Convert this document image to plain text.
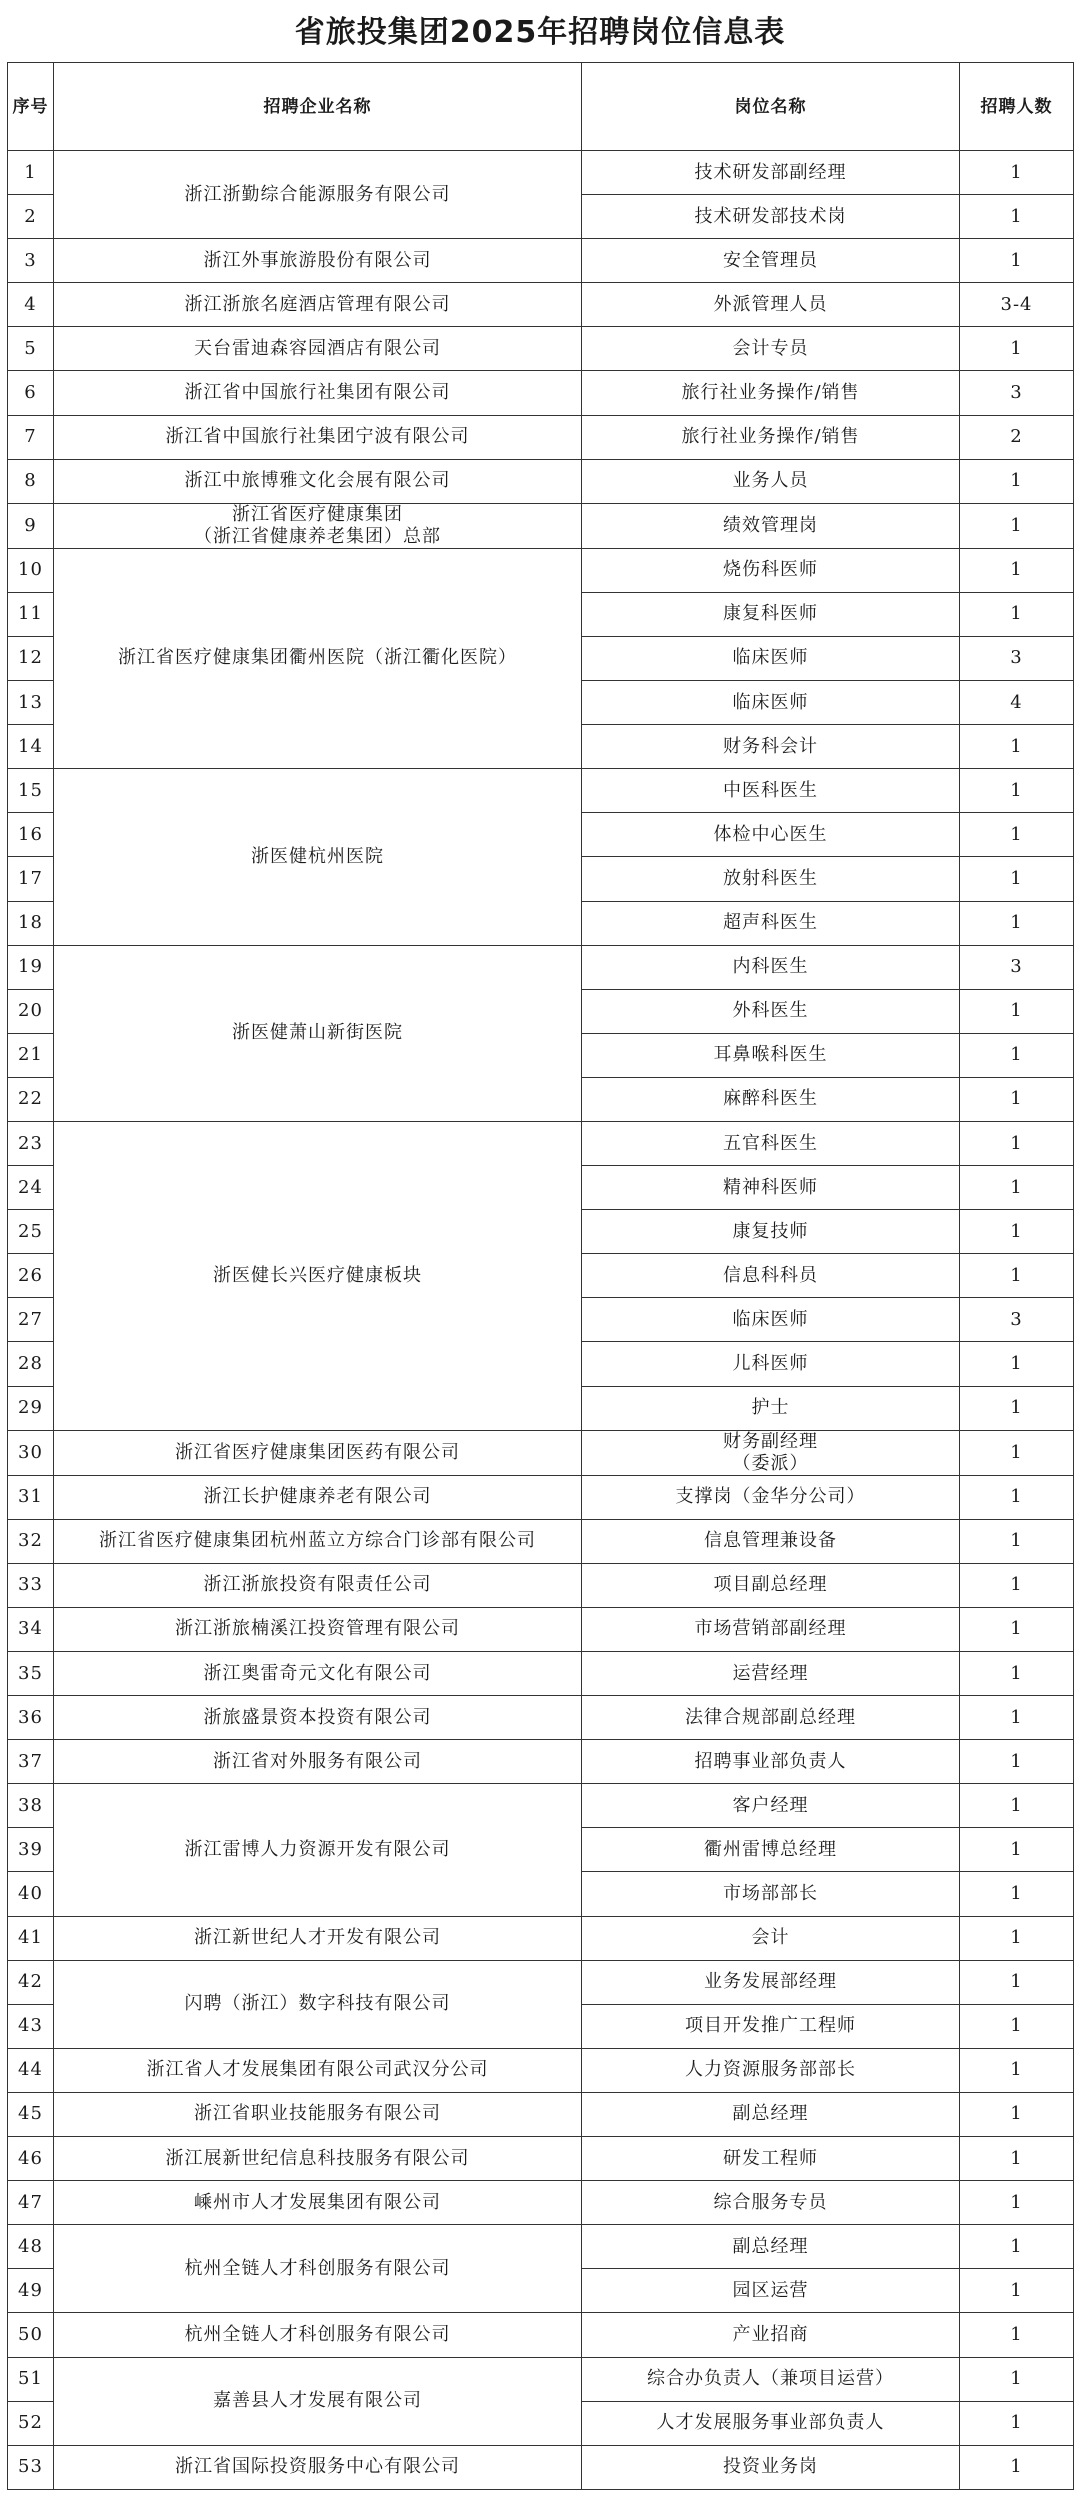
省旅投集团2025年招聘岗位信息表
序号	招聘企业名称	岗位名称	招聘人数
1	浙江浙勤综合能源服务有限公司	技术研发部副经理	1
2		技术研发部技术岗	1
3	浙江外事旅游股份有限公司	安全管理员	1
4	浙江浙旅名庭酒店管理有限公司	外派管理人员	3-4
5	天台雷迪森容园酒店有限公司	会计专员	1
6	浙江省中国旅行社集团有限公司	旅行社业务操作/销售	3
7	浙江省中国旅行社集团宁波有限公司	旅行社业务操作/销售	2
8	浙江中旅博雅文化会展有限公司	业务人员	1
9	浙江省医疗健康集团
（浙江省健康养老集团）总部	绩效管理岗	1
10	浙江省医疗健康集团衢州医院（浙江衢化医院）	烧伤科医师	1
11		康复科医师	1
12		临床医师	3
13		临床医师	4
14		财务科会计	1
15	浙医健杭州医院	中医科医生	1
16		体检中心医生	1
17		放射科医生	1
18		超声科医生	1
19	浙医健萧山新街医院	内科医生	3
20		外科医生	1
21		耳鼻喉科医生	1
22		麻醉科医生	1
23	浙医健长兴医疗健康板块	五官科医生	1
24		精神科医师	1
25		康复技师	1
26		信息科科员	1
27		临床医师	3
28		儿科医师	1
29		护士	1
30	浙江省医疗健康集团医药有限公司	财务副经理
（委派）	1
31	浙江长护健康养老有限公司	支撑岗（金华分公司）	1
32	浙江省医疗健康集团杭州蓝立方综合门诊部有限公司	信息管理兼设备	1
33	浙江浙旅投资有限责任公司	项目副总经理	1
34	浙江浙旅楠溪江投资管理有限公司	市场营销部副经理	1
35	浙江奥雷奇元文化有限公司	运营经理	1
36	浙旅盛景资本投资有限公司	法律合规部副总经理	1
37	浙江省对外服务有限公司	招聘事业部负责人	1
38	浙江雷博人力资源开发有限公司	客户经理	1
39		衢州雷博总经理	1
40		市场部部长	1
41	浙江新世纪人才开发有限公司	会计	1
42	闪聘（浙江）数字科技有限公司	业务发展部经理	1
43		项目开发推广工程师	1
44	浙江省人才发展集团有限公司武汉分公司	人力资源服务部部长	1
45	浙江省职业技能服务有限公司	副总经理	1
46	浙江展新世纪信息科技服务有限公司	研发工程师	1
47	嵊州市人才发展集团有限公司	综合服务专员	1
48	杭州全链人才科创服务有限公司	副总经理	1
49		园区运营	1
50	杭州全链人才科创服务有限公司	产业招商	1
51	嘉善县人才发展有限公司	综合办负责人（兼项目运营）	1
52		人才发展服务事业部负责人	1
53	浙江省国际投资服务中心有限公司	投资业务岗	1
